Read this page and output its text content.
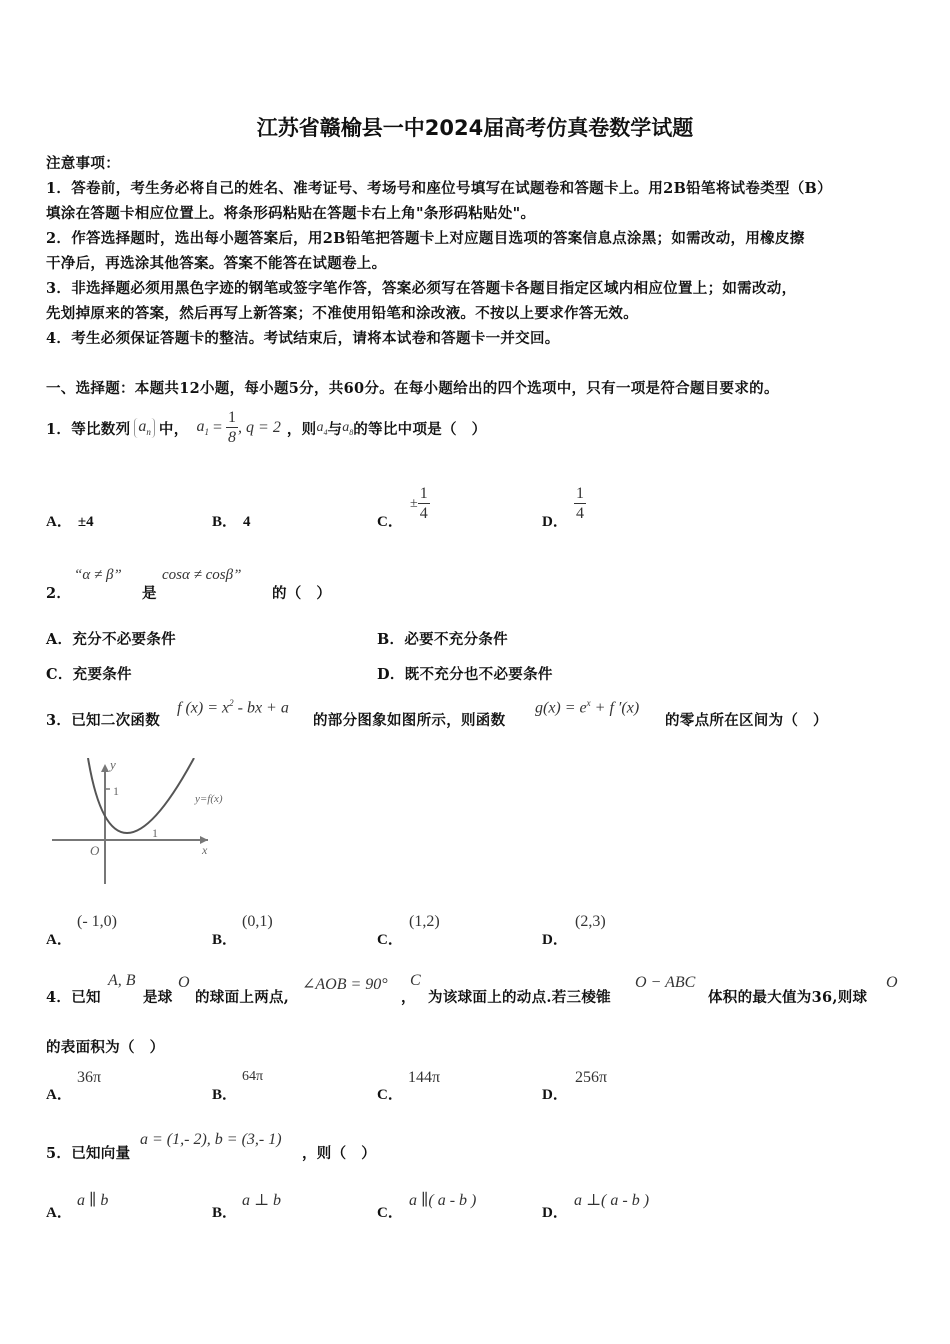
江苏省赣榆县一中2024届高考仿真卷数学试题
注意事项：
1．答卷前，考生务必将自己的姓名、准考证号、考场号和座位号填写在试题卷和答题卡上。用2B铅笔将试卷类型（B）
填涂在答题卡相应位置上。将条形码粘贴在答题卡右上角"条形码粘贴处"。
2．作答选择题时，选出每小题答案后，用2B铅笔把答题卡上对应题目选项的答案信息点涂黑；如需改动，用橡皮擦
干净后，再选涂其他答案。答案不能答在试题卷上。
3．非选择题必须用黑色字迹的钢笔或签字笔作答，答案必须写在答题卡各题目指定区域内相应位置上；如需改动，
先划掉原来的答案，然后再写上新答案；不准使用铅笔和涂改液。不按以上要求作答无效。
4．考生必须保证答题卡的整洁。考试结束后，请将本试卷和答题卡一并交回。
一、选择题：本题共12小题，每小题5分，共60分。在每小题给出的四个选项中，只有一项是符合题目要求的。
1．等比数列 $a_n$ 中， $a_1 = \frac{1}{8}$ , q = 2 ，则 $a_4$ 与 $a_8$ 的等比中项是（　）
A． ±4	B． 4	C．
± $\frac{1}{4}$	D． $\frac{1}{4}$
2．
“α ≠ β”
是
cosα ≠ cosβ”
的（　）
A．充分不必要条件	B．必要不充分条件
C．充要条件	D．既不充分也不必要条件
3．已知二次函数
f $(x) = x^2$ - bx + a
的部分图象如图所示，则函数
$g(x) = e^x + f$ ′(x)
的零点所在区间为（　）
y
1
1
O	x
y=f(x)
A．
(- 1,0)
B．
(0,1)
C．
(1,2)
D．
(2,3)
4．已知
A, B
是球
O
的球面上两点,
∠AOB = 90°
，
C
为该球面上的动点.若三棱锥
O − ABC
体积的最大值为36,则球
O
的表面积为（　）
A．
36π
B．
64π
C．
144π
D．
256π
5．已知向量
a = (1,- 2), b = (3,- 1)
，则（　）
A．
a ∥ b
B．
a ⊥ b
C．
a ∥( a - b )
D．
a ⊥( a - b )
